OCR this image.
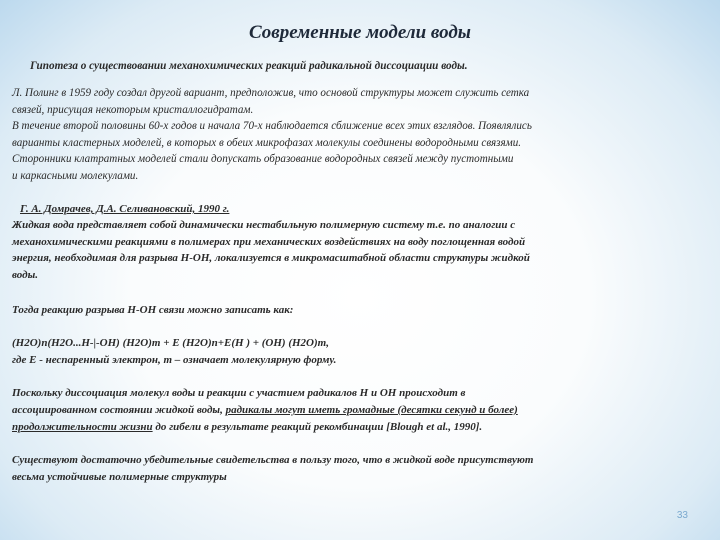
Современные модели воды
Гипотеза о существовании механохимических реакций радикальной диссоциации воды.
Л. Полинг в 1959 году создал другой вариант, предположив, что основой структуры может служить сетка
связей, присущая некоторым кристаллогидратам.
В течение второй половины 60-х годов и начала 70-х наблюдается сближение всех этих взглядов. Появлялись
варианты кластерных моделей, в которых в обеих микрофазах молекулы соединены водородными связями.
Сторонники клатратных моделей стали допускать образование водородных связей между пустотными
и каркасными молекулами.
Г. А. Домрачев, Д.А. Селивановский, 1990 г.
Жидкая вода представляет собой динамически нестабильную полимерную систему т.е. по аналогии с
механохимическими реакциями в полимерах при механических воздействиях на воду поглощенная водой
энергия, необходимая для разрыва Н-ОН, локализуется в микромасштабной области структуры жидкой
воды.
Тогда реакцию разрыва Н-ОН связи можно записать как:
(H2O)n(H2O...H-|-OH) (H2O)m + E (H2O)n+E(H ) + (OH) (H2O)m,
где Е - неспаренный электрон, m – означает молекулярную форму.
Поскольку диссоциация молекул воды и реакции с участием радикалов Н и ОН происходит в
ассоциированном состоянии жидкой воды, радикалы могут иметь громадные (десятки секунд и более)
продолжительности жизни до гибели в результате реакций рекомбинации [Blough et al., 1990].
Существуют достаточно убедительные свидетельства в пользу того, что в жидкой воде присутствуют
весьма устойчивые полимерные структуры
33
